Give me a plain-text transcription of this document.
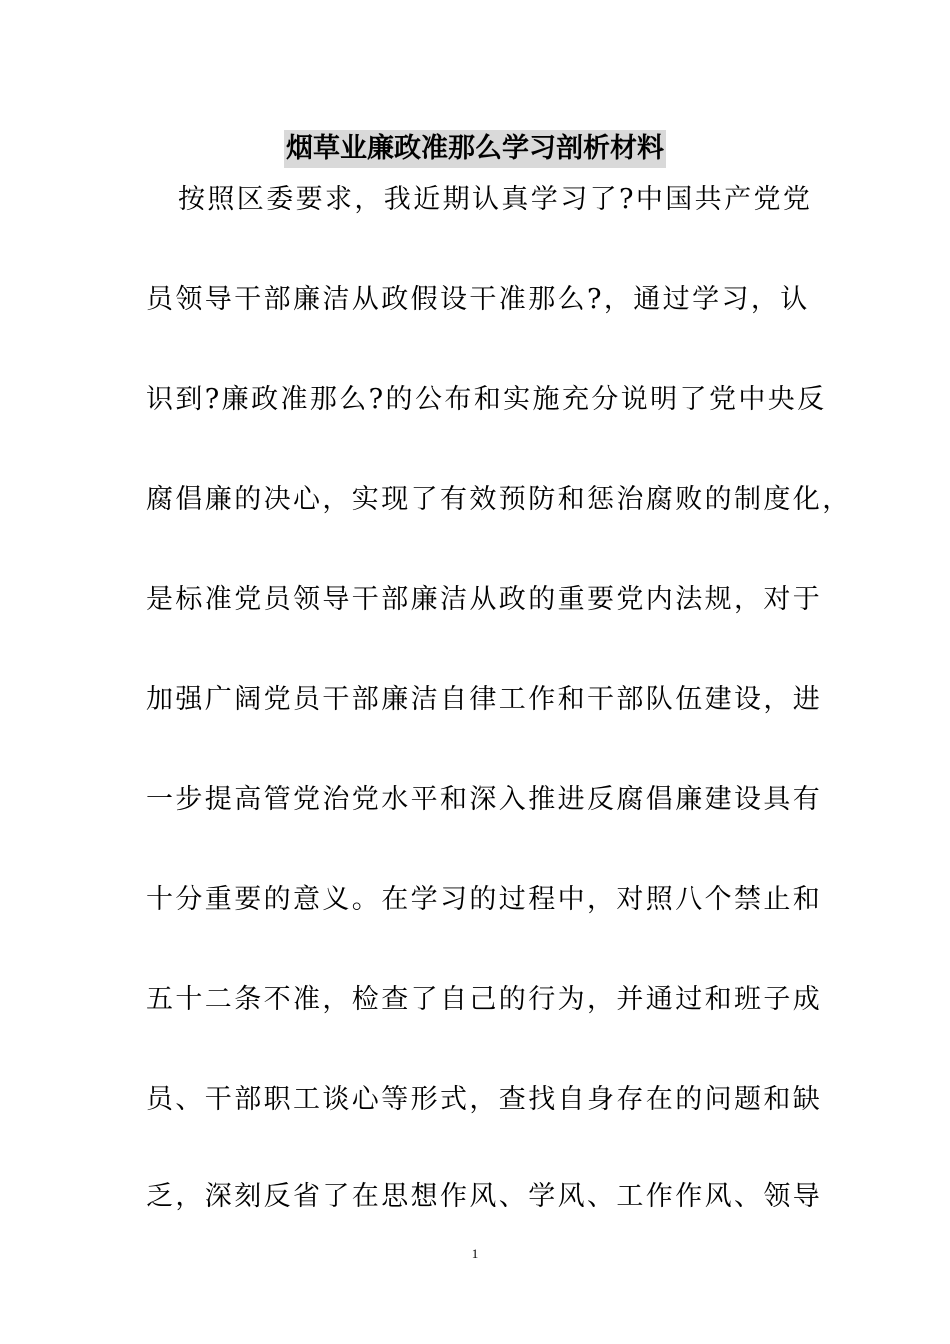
烟草业廉政准那么学习剖析材料
按照区委要求，我近期认真学习了?中国共产党党
员领导干部廉洁从政假设干准那么?，通过学习，认
识到?廉政准那么?的公布和实施充分说明了党中央反
腐倡廉的决心，实现了有效预防和惩治腐败的制度化，
是标准党员领导干部廉洁从政的重要党内法规，对于
加强广阔党员干部廉洁自律工作和干部队伍建设，进
一步提高管党治党水平和深入推进反腐倡廉建设具有
十分重要的意义。在学习的过程中，对照八个禁止和
五十二条不准，检查了自己的行为，并通过和班子成
员、干部职工谈心等形式，查找自身存在的问题和缺
乏，深刻反省了在思想作风、学风、工作作风、领导
1
